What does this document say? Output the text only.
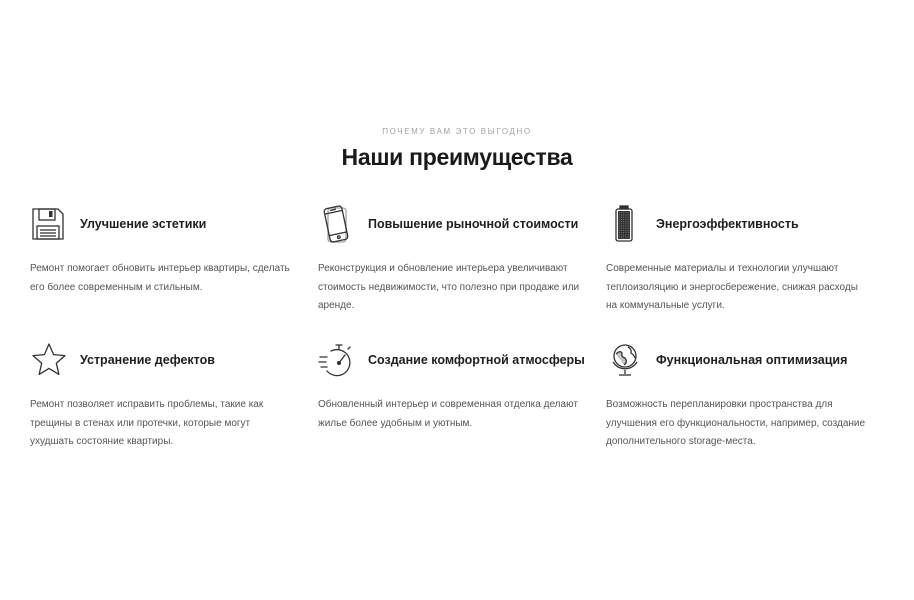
ПОЧЕМУ ВАМ ЭТО ВЫГОДНО
Наши преимущества
Улучшение эстетики
Ремонт помогает обновить интерьер квартиры, сделать его более современным и стильным.
Повышение рыночной стоимости
Реконструкция и обновление интерьера увеличивают стоимость недвижимости, что полезно при продаже или аренде.
Энергоэффективность
Современные материалы и технологии улучшают теплоизоляцию и энергосбережение, снижая расходы на коммунальные услуги.
Устранение дефектов
Ремонт позволяет исправить проблемы, такие как трещины в стенах или протечки, которые могут ухудшать состояние квартиры.
Создание комфортной атмосферы
Обновленный интерьер и современная отделка делают жилье более удобным и уютным.
Функциональная оптимизация
Возможность перепланировки пространства для улучшения его функциональности, например, создание дополнительного storage-места.
